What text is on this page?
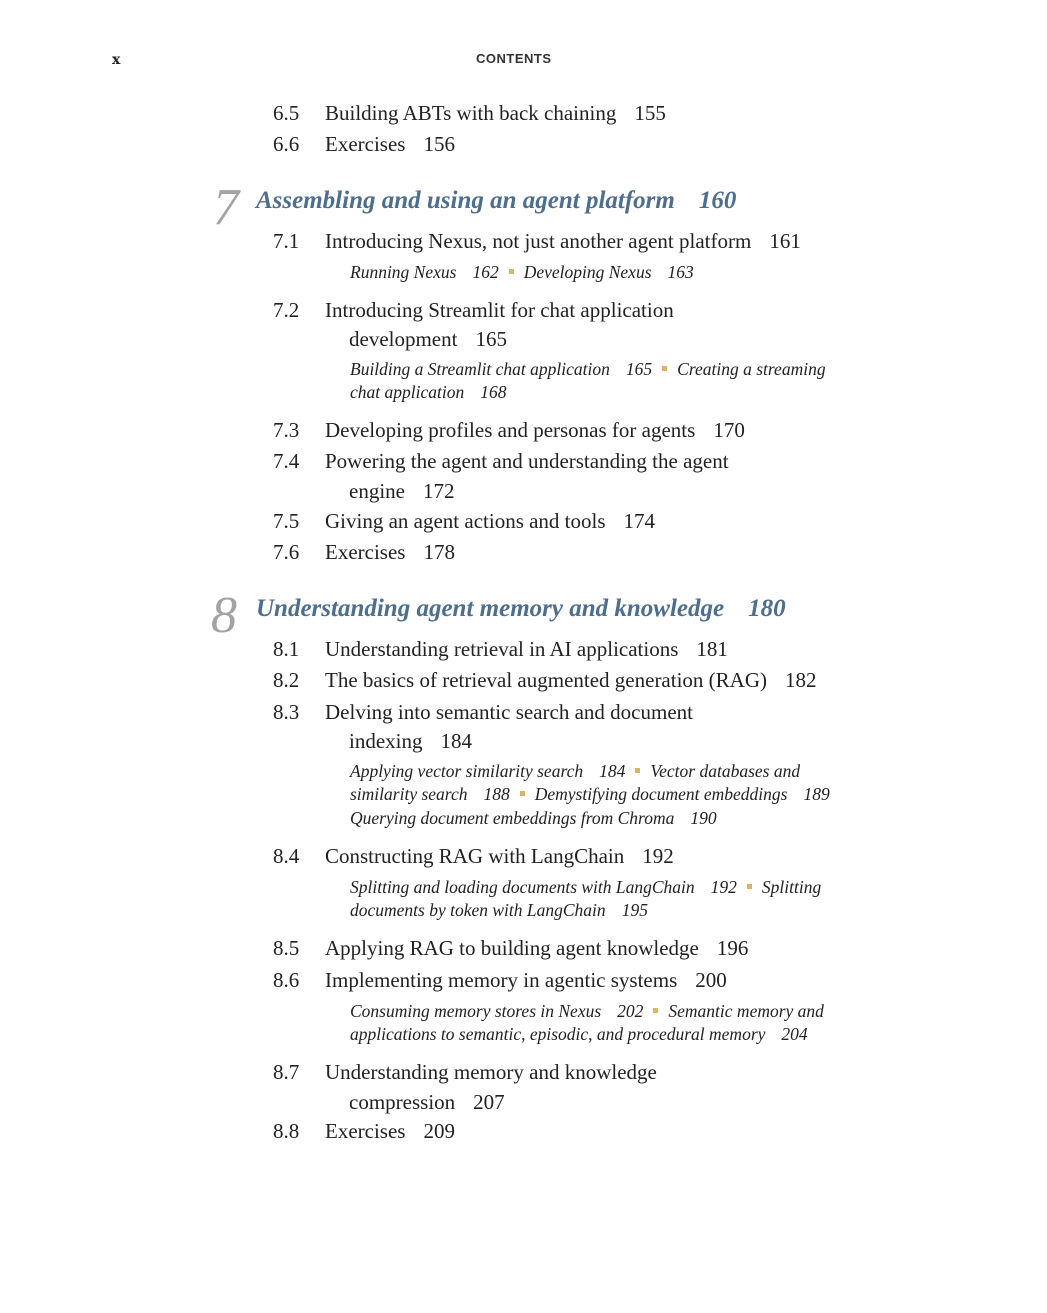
x	CONTENTS
6.5 Building ABTs with back chaining 155
6.6 Exercises 156
7 Assembling and using an agent platform 160
7.1 Introducing Nexus, not just another agent platform 161
Running Nexus 162 Developing Nexus 163
7.2 Introducing Streamlit for chat application
development 165
Building a Streamlit chat application 165 Creating a streaming
chat application 168
7.3 Developing profiles and personas for agents 170
7.4 Powering the agent and understanding the agent
engine 172
7.5 Giving an agent actions and tools 174
7.6 Exercises 178
8 Understanding agent memory and knowledge 180
8.1 Understanding retrieval in AI applications 181
8.2 The basics of retrieval augmented generation (RAG) 182
8.3 Delving into semantic search and document
indexing 184
Applying vector similarity search 184 Vector databases and
similarity search 188 Demystifying document embeddings 189
Querying document embeddings from Chroma 190
8.4 Constructing RAG with LangChain 192
Splitting and loading documents with LangChain 192 Splitting
documents by token with LangChain 195
8.5 Applying RAG to building agent knowledge 196
8.6 Implementing memory in agentic systems 200
Consuming memory stores in Nexus 202 Semantic memory and
applications to semantic, episodic, and procedural memory 204
8.7 Understanding memory and knowledge
compression 207
8.8 Exercises 209
